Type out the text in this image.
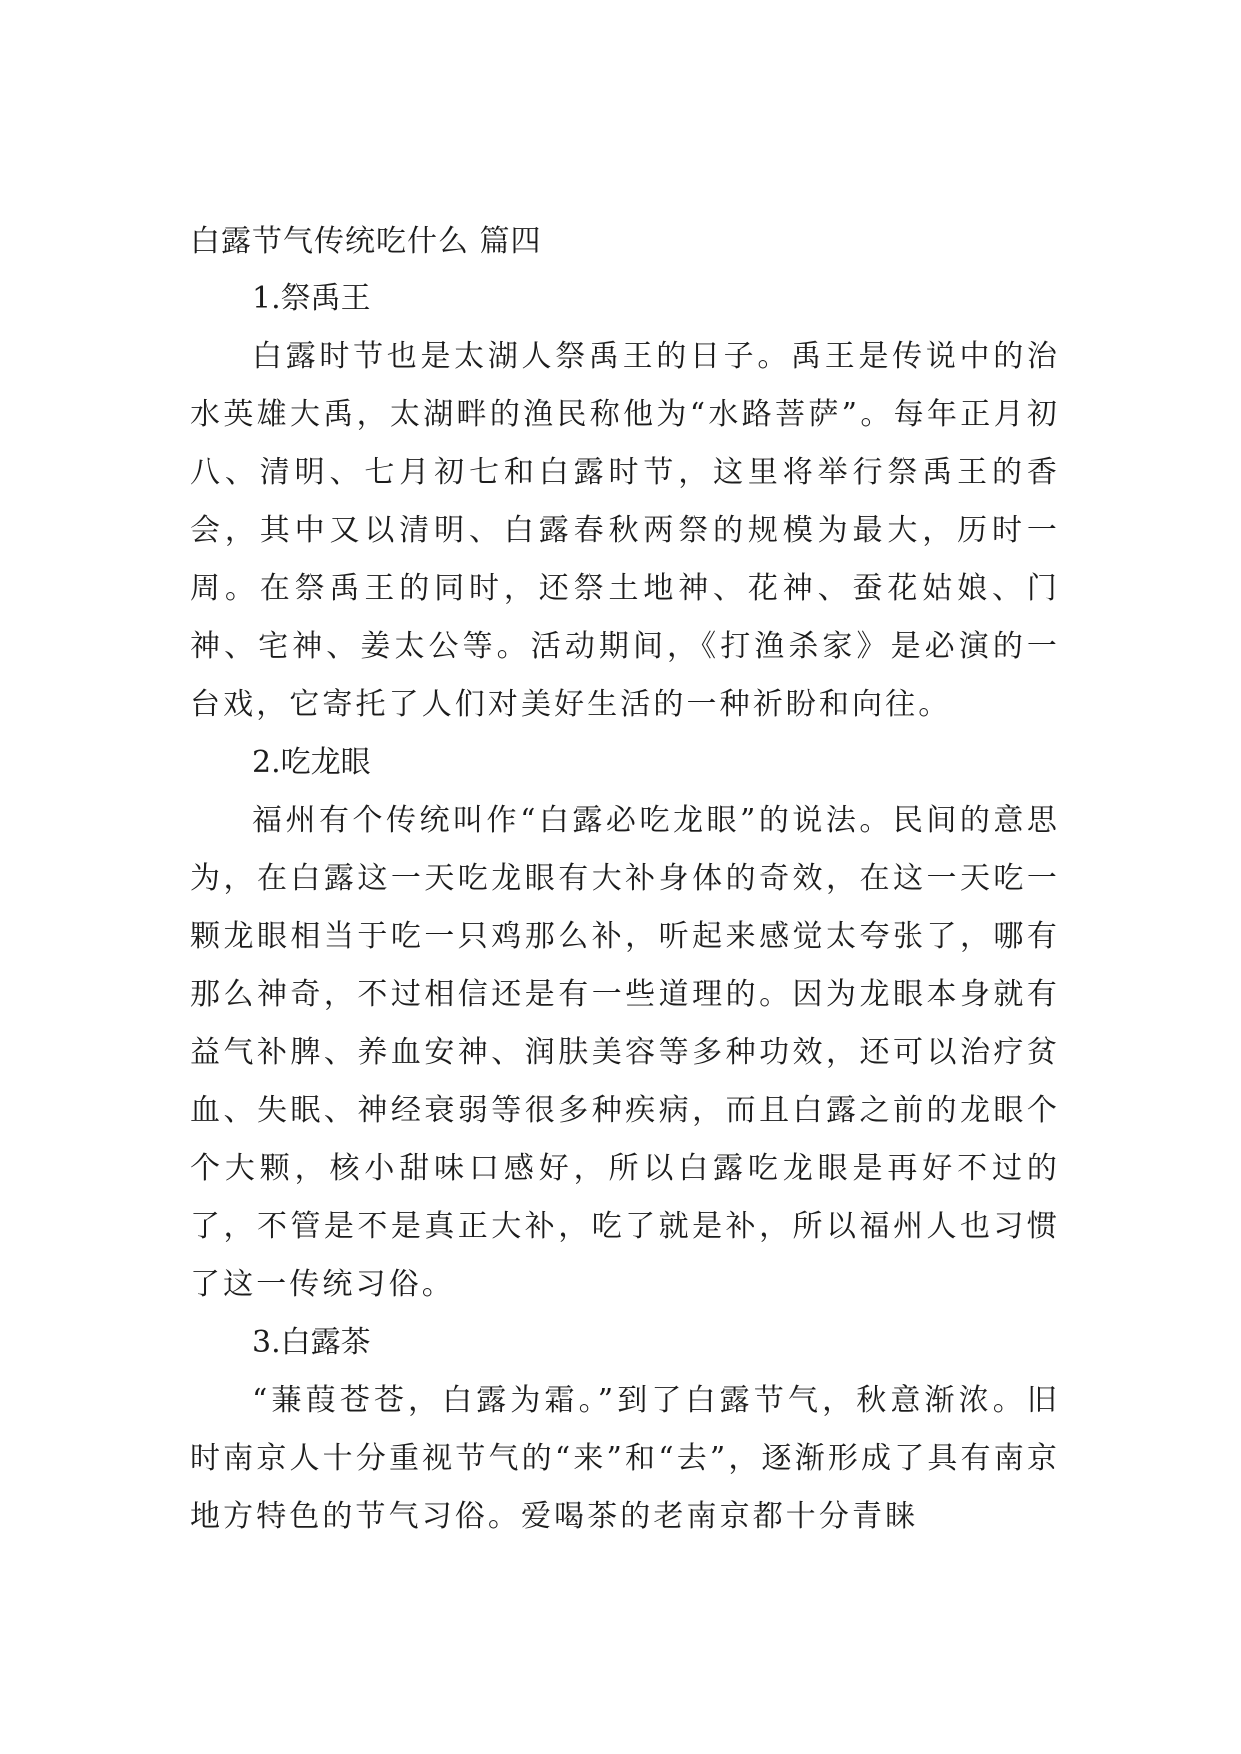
白露节气传统吃什么 篇四
1.祭禹王

白露时节也是太湖人祭禹王的日子。禹王是传说中的治水英雄大禹，太湖畔的渔民称他为“水路菩萨”。每年正月初八、清明、七月初七和白露时节，这里将举行祭禹王的香会，其中又以清明、白露春秋两祭的规模为最大，历时一周。在祭禹王的同时，还祭土地神、花神、蚕花姑娘、门神、宅神、姜太公等。活动期间，《打渔杀家》是必演的一台戏，它寄托了人们对美好生活的一种祈盼和向往。

2.吃龙眼

福州有个传统叫作“白露必吃龙眼”的说法。民间的意思为，在白露这一天吃龙眼有大补身体的奇效，在这一天吃一颗龙眼相当于吃一只鸡那么补，听起来感觉太夸张了，哪有那么神奇，不过相信还是有一些道理的。因为龙眼本身就有益气补脾、养血安神、润肤美容等多种功效，还可以治疗贫血、失眠、神经衰弱等很多种疾病，而且白露之前的龙眼个个大颗，核小甜味口感好，所以白露吃龙眼是再好不过的了，不管是不是真正大补，吃了就是补，所以福州人也习惯了这一传统习俗。

3.白露茶

“蒹葭苍苍，白露为霜。”到了白露节气，秋意渐浓。旧时南京人十分重视节气的“来”和“去”，逐渐形成了具有南京地方特色的节气习俗。爱喝茶的老南京都十分青睐
